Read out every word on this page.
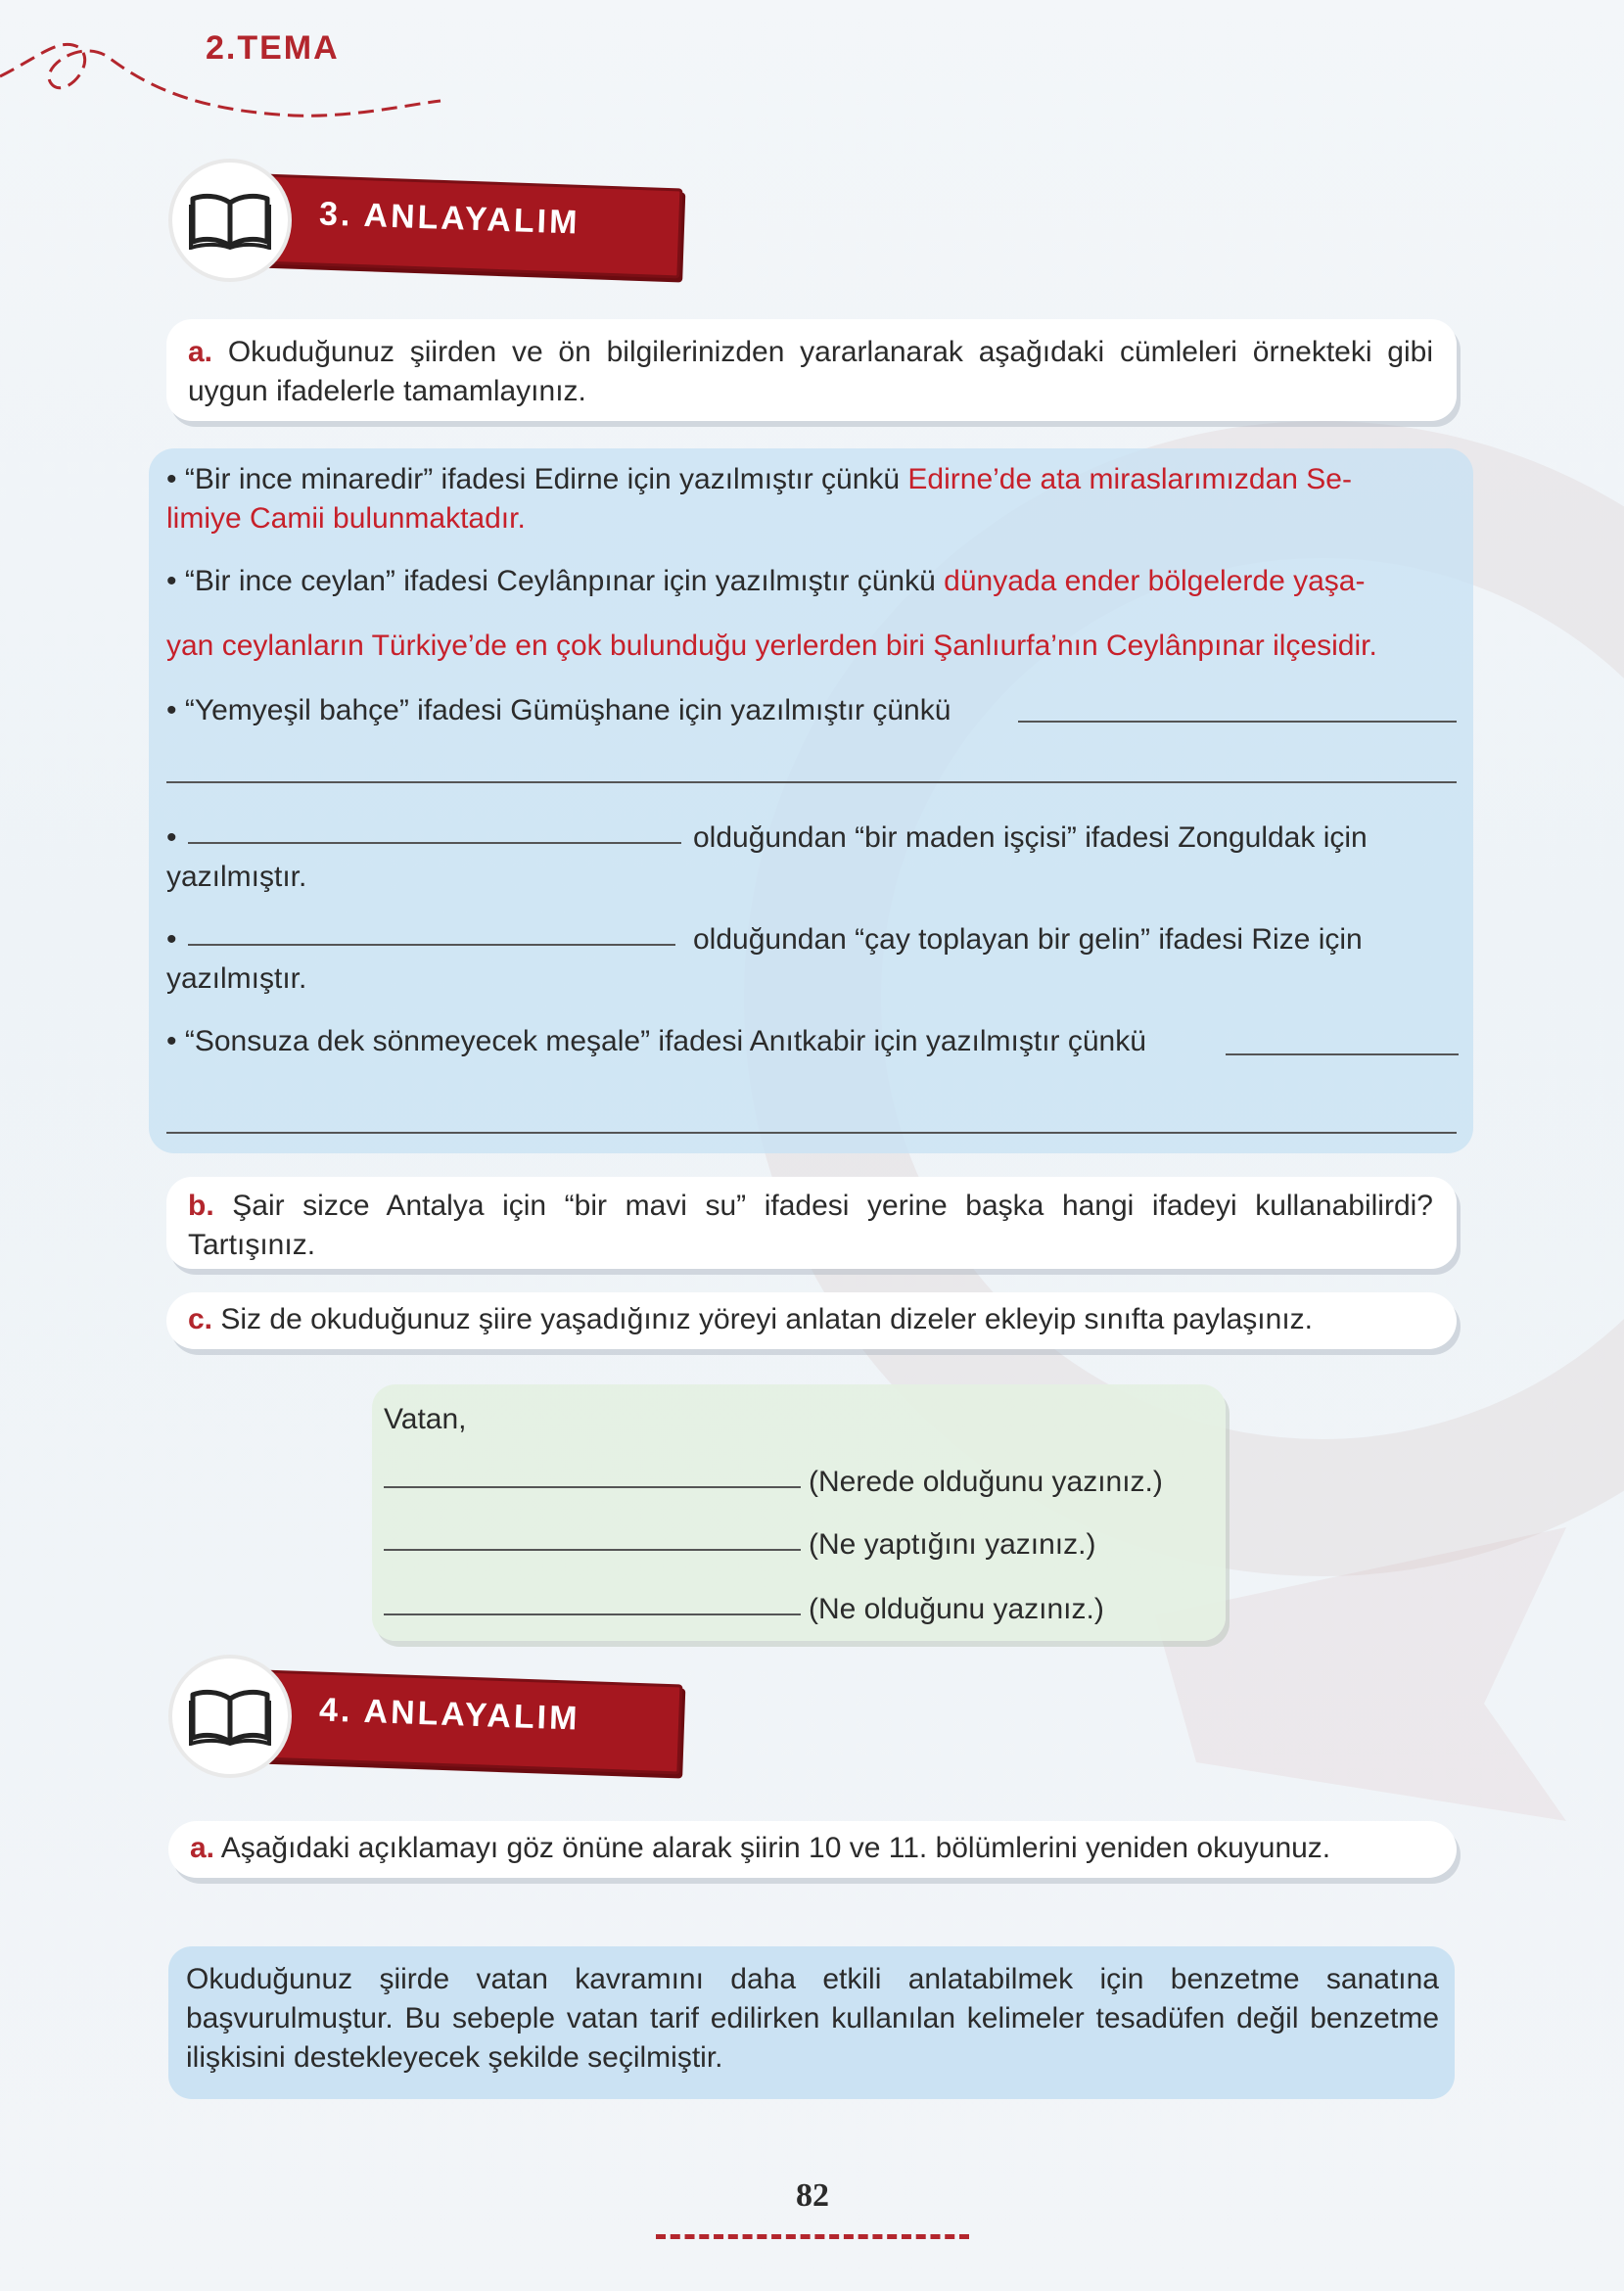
2.TEMA
3. ANLAYALIM
a. Okuduğunuz şiirden ve ön bilgilerinizden yararlanarak aşağıdaki cümleleri örnekteki gibi uygun ifadelerle tamamlayınız.
• “Bir ince minaredir” ifadesi Edirne için yazılmıştır çünkü Edirne’de ata miraslarımızdan Se-
limiye Camii bulunmaktadır.
• “Bir ince ceylan” ifadesi Ceylânpınar için yazılmıştır çünkü dünyada ender bölgelerde yaşa-
yan ceylanların Türkiye’de en çok bulunduğu yerlerden biri Şanlıurfa’nın Ceylânpınar ilçesidir.
• “Yemyeşil bahçe” ifadesi Gümüşhane için yazılmıştır çünkü
•	olduğundan “bir maden işçisi” ifadesi Zonguldak için
yazılmıştır.
•	olduğundan “çay toplayan bir gelin” ifadesi Rize için
yazılmıştır.
• “Sonsuza dek sönmeyecek meşale” ifadesi Anıtkabir için yazılmıştır çünkü
b. Şair sizce Antalya için “bir mavi su” ifadesi yerine başka hangi ifadeyi kullanabilirdi? Tartışınız.
c. Siz de okuduğunuz şiire yaşadığınız yöreyi anlatan dizeler ekleyip sınıfta paylaşınız.
Vatan,
(Nerede olduğunu yazınız.)
(Ne yaptığını yazınız.)
(Ne olduğunu yazınız.)
4. ANLAYALIM
a. Aşağıdaki açıklamayı göz önüne alarak şiirin 10 ve 11. bölümlerini yeniden okuyunuz.
Okuduğunuz şiirde vatan kavramını daha etkili anlatabilmek için benzetme sanatına başvurulmuştur. Bu sebeple vatan tarif edilirken kullanılan kelimeler tesadüfen değil benzetme ilişkisini destekleyecek şekilde seçilmiştir.
82
